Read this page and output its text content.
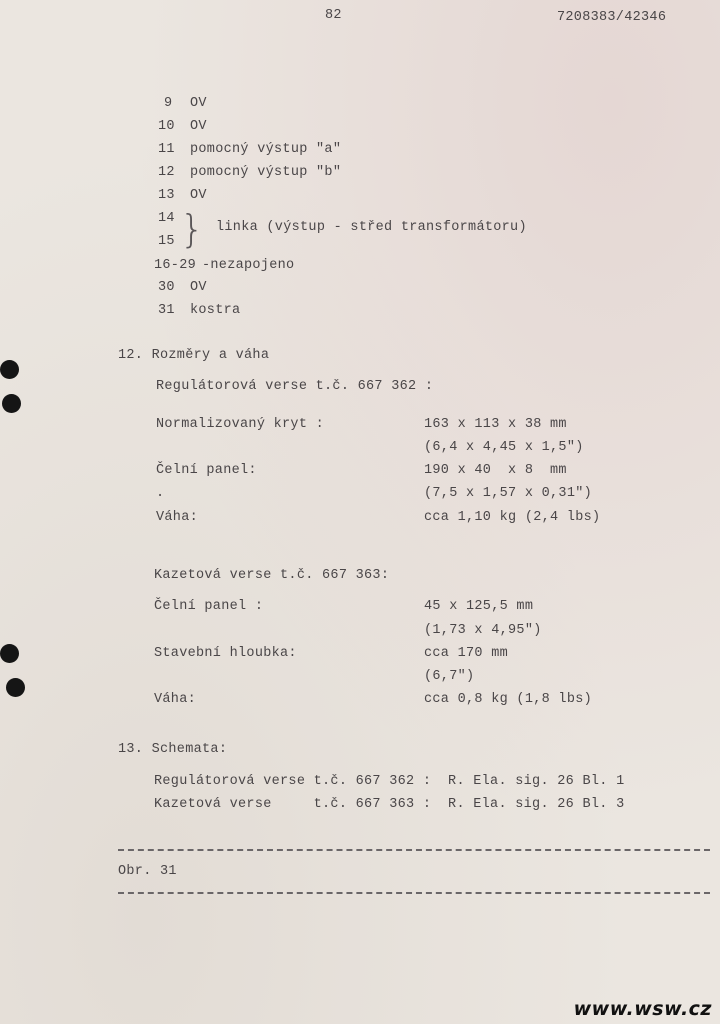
82	7208383/42346
9 OV
10 OV
11 pomocný výstup "a"
12 pomocný výstup "b"
13 OV
14
15 } linka (výstup - střed transformátoru)
16-29 -nezapojeno
30 OV
31 kostra
12. Rozměry a váha
Regulátorová verse t.č. 667 362 :
Normalizovaný kryt :	163 x 113 x 38 mm
(6,4 x 4,45 x 1,5")
Čelní panel:	190 x 40  x 8  mm
.	(7,5 x 1,57 x 0,31")
Váha:	cca 1,10 kg (2,4 lbs)
Kazetová verse t.č. 667 363:
Čelní panel :	45 x 125,5 mm
(1,73 x 4,95")
Stavební hloubka:	cca 170 mm
(6,7")
Váha:	cca 0,8 kg (1,8 lbs)
13. Schemata:
Regulátorová verse t.č. 667 362 :  R. Ela. sig. 26 Bl. 1
Kazetová verse     t.č. 667 363 :  R. Ela. sig. 26 Bl. 3
Obr. 31
www.wsw.cz
